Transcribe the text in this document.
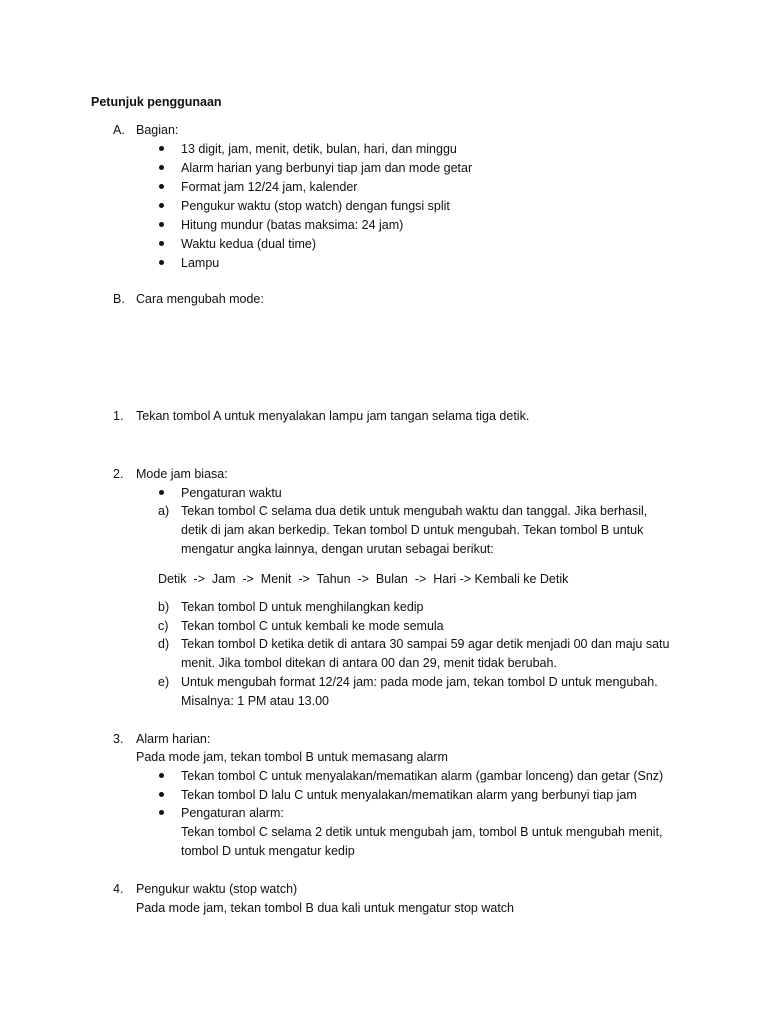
Petunjuk penggunaan
A. Bagian:
13 digit, jam, menit, detik, bulan, hari, dan minggu
Alarm harian yang berbunyi tiap jam dan mode getar
Format jam 12/24 jam, kalender
Pengukur waktu (stop watch) dengan fungsi split
Hitung mundur (batas maksima: 24 jam)
Waktu kedua (dual time)
Lampu
B. Cara mengubah mode:
1. Tekan tombol A untuk menyalakan lampu jam tangan selama tiga detik.
2. Mode jam biasa:
Pengaturan waktu
a) Tekan tombol C selama dua detik untuk mengubah waktu dan tanggal. Jika berhasil,
detik di jam akan berkedip. Tekan tombol D untuk mengubah. Tekan tombol B untuk
mengatur angka lainnya, dengan urutan sebagai berikut:
Detik  ->  Jam  ->  Menit  ->  Tahun  ->  Bulan  ->  Hari -> Kembali ke Detik
b) Tekan tombol D untuk menghilangkan kedip
c) Tekan tombol C untuk kembali ke mode semula
d) Tekan tombol D ketika detik di antara 30 sampai 59 agar detik menjadi 00 dan maju satu
menit. Jika tombol ditekan di antara 00 dan 29, menit tidak berubah.
e) Untuk mengubah format 12/24 jam: pada mode jam, tekan tombol D untuk mengubah.
Misalnya: 1 PM atau 13.00
3. Alarm harian:
Pada mode jam, tekan tombol B untuk memasang alarm
Tekan tombol C untuk menyalakan/mematikan alarm (gambar lonceng) dan getar (Snz)
Tekan tombol D lalu C untuk menyalakan/mematikan alarm yang berbunyi tiap jam
Pengaturan alarm:
Tekan tombol C selama 2 detik untuk mengubah jam, tombol B untuk mengubah menit,
tombol D untuk mengatur kedip
4. Pengukur waktu (stop watch)
Pada mode jam, tekan tombol B dua kali untuk mengatur stop watch
